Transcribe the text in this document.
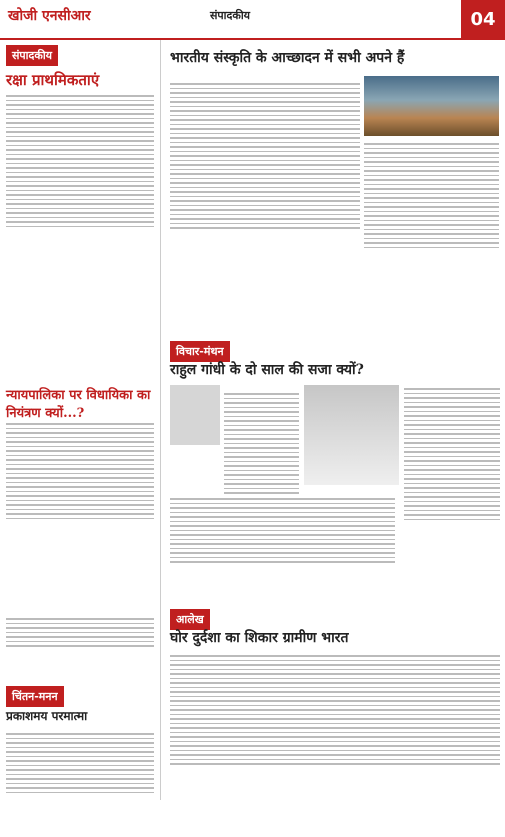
खोजी एनसीआर	संपादकीय	04
संपादकीय
रक्षा प्राथमिकताएं
न्यायपालिका पर विधायिका का नियंत्रण क्यों...?
चिंतन-मनन
प्रकाशमय परमात्मा
भारतीय संस्कृति के आच्छादन में सभी अपने हैं
विचार-मंथन
राहुल गांधी के दो साल की सजा क्यों?
आलेख
घोर दुर्दशा का शिकार ग्रामीण भारत
